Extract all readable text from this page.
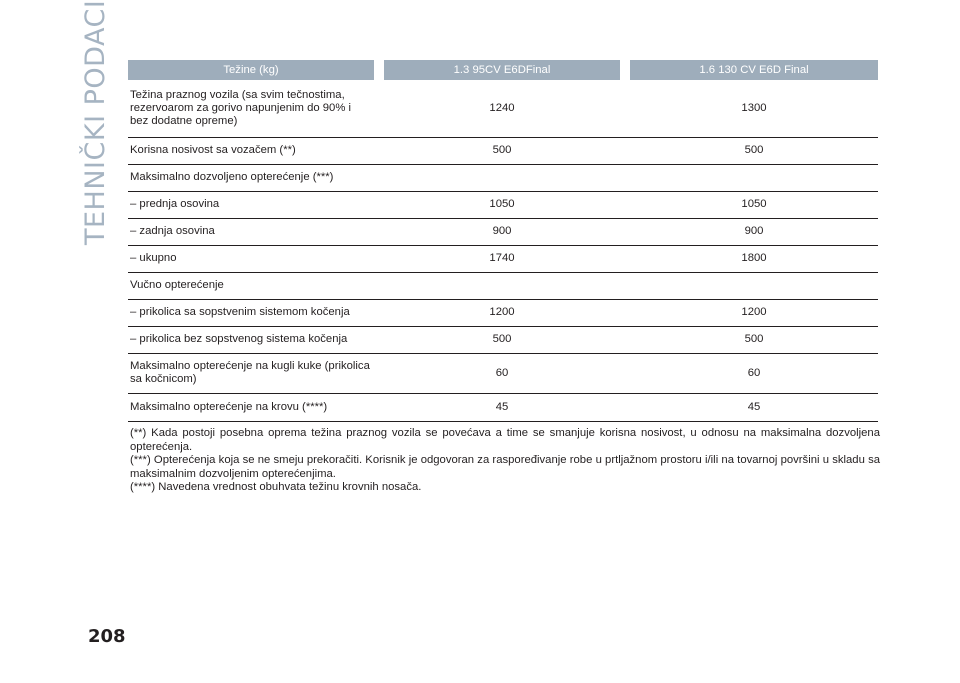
TEHNIČKI PODACI	Težine (kg)		1.3 95CV E6DFinal		1.6 130 CV E6D Final
Težina praznog vozila (sa svim tečnostima, rezervoarom za gorivo napunjenim do 90% i bez dodatne opreme)		1240		1300
Korisna nosivost sa vozačem (**)		500		500
Maksimalno dozvoljeno opterećenje (***)				
– prednja osovina		1050		1050
– zadnja osovina		900		900
– ukupno		1740		1800
Vučno opterećenje				
– prikolica sa sopstvenim sistemom kočenja		1200		1200
– prikolica bez sopstvenog sistema kočenja		500		500
Maksimalno opterećenje na kugli kuke (prikolica sa kočnicom)		60		60
Maksimalno opterećenje na krovu (****)		45		45

(**) Kada postoji posebna oprema težina praznog vozila se povećava a time se smanjuje korisna nosivost, u odnosu na maksimalna dozvoljena opterećenja.

(***) Opterećenja koja se ne smeju prekoračiti. Korisnik je odgovoran za raspoređivanje robe u prtljažnom prostoru i/ili na tovarnoj površini u skladu sa maksimalnim dozvoljenim opterećenjima.

(****) Navedena vrednost obuhvata težinu krovnih nosača.

208
